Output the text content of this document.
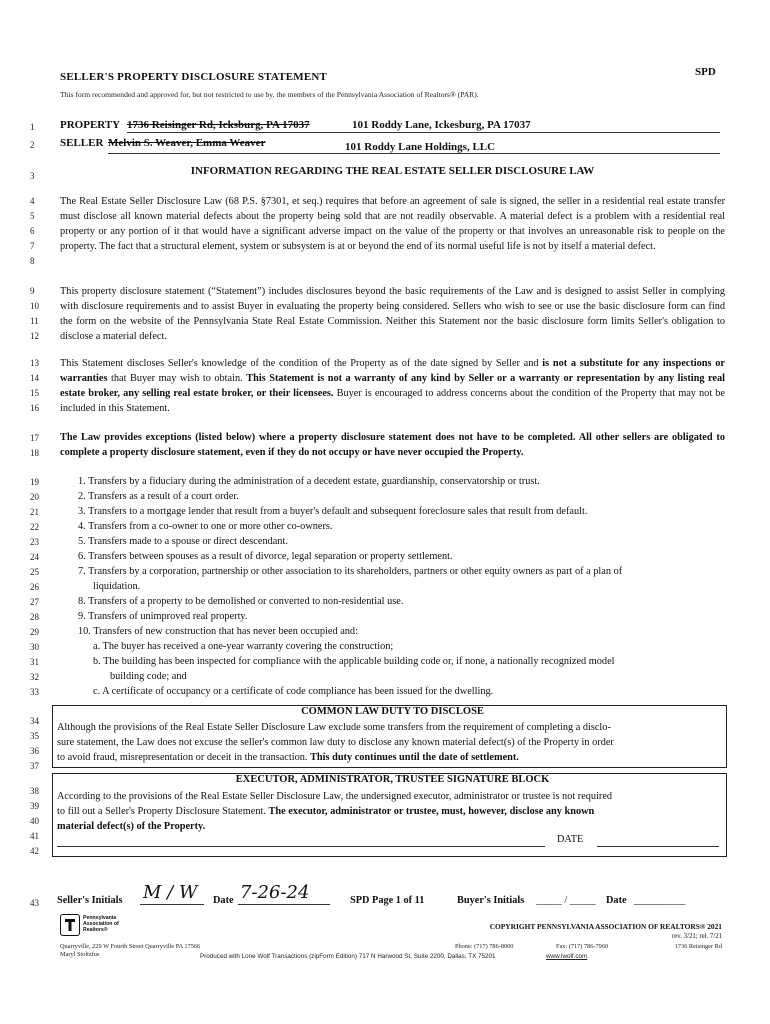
SELLER'S PROPERTY DISCLOSURE STATEMENT	SPD
This form recommended and approved for, but not restricted to use by, the members of the Pennsylvania Association of Realtors® (PAR).
1
2
3
4
5
6
7
8
9
10
11
12
13
14
15
16
17
18
19
20
21
22
23
24
25
26
27
28
29
30
31
32
33
34
35
36
37
38
39
40
41
42
43
PROPERTY 1736 Reisinger Rd, Icksburg, PA 17037	101 Roddy Lane, Ickesburg, PA 17037
SELLER Melvin S. Weaver, Emma Weaver	101 Roddy Lane Holdings, LLC
INFORMATION REGARDING THE REAL ESTATE SELLER DISCLOSURE LAW
The Real Estate Seller Disclosure Law (68 P.S. §7301, et seq.) requires that before an agreement of sale is signed, the seller in a residential real estate transfer must disclose all known material defects about the property being sold that are not readily observable. A material defect is a problem with a residential real property or any portion of it that would have a significant adverse impact on the value of the property or that involves an unreasonable risk to people on the property. The fact that a structural element, system or subsystem is at or beyond the end of its normal useful life is not by itself a material defect.
This property disclosure statement (“Statement”) includes disclosures beyond the basic requirements of the Law and is designed to assist Seller in complying with disclosure requirements and to assist Buyer in evaluating the property being considered. Sellers who wish to see or use the basic disclosure form can find the form on the website of the Pennsylvania State Real Estate Commission. Neither this Statement nor the basic disclosure form limits Seller's obligation to disclose a material defect.
This Statement discloses Seller's knowledge of the condition of the Property as of the date signed by Seller and is not a substitute for any inspections or warranties that Buyer may wish to obtain. This Statement is not a warranty of any kind by Seller or a warranty or representation by any listing real estate broker, any selling real estate broker, or their licensees. Buyer is encouraged to address concerns about the condition of the Property that may not be included in this Statement.
The Law provides exceptions (listed below) where a property disclosure statement does not have to be completed. All other sellers are obligated to complete a property disclosure statement, even if they do not occupy or have never occupied the Property.
1. Transfers by a fiduciary during the administration of a decedent estate, guardianship, conservatorship or trust.
2. Transfers as a result of a court order.
3. Transfers to a mortgage lender that result from a buyer's default and subsequent foreclosure sales that result from default.
4. Transfers from a co-owner to one or more other co-owners.
5. Transfers made to a spouse or direct descendant.
6. Transfers between spouses as a result of divorce, legal separation or property settlement.
7. Transfers by a corporation, partnership or other association to its shareholders, partners or other equity owners as part of a plan of
liquidation.
8. Transfers of a property to be demolished or converted to non-residential use.
9. Transfers of unimproved real property.
10. Transfers of new construction that has never been occupied and:
a. The buyer has received a one-year warranty covering the construction;
b. The building has been inspected for compliance with the applicable building code or, if none, a nationally recognized model
building code; and
c. A certificate of occupancy or a certificate of code compliance has been issued for the dwelling.
COMMON LAW DUTY TO DISCLOSE
Although the provisions of the Real Estate Seller Disclosure Law exclude some transfers from the requirement of completing a disclo-
sure statement, the Law does not excuse the seller's common law duty to disclose any known material defect(s) of the Property in order
to avoid fraud, misrepresentation or deceit in the transaction. This duty continues until the date of settlement.
EXECUTOR, ADMINISTRATOR, TRUSTEE SIGNATURE BLOCK
According to the provisions of the Real Estate Seller Disclosure Law, the undersigned executor, administrator or trustee is not required
to fill out a Seller's Property Disclosure Statement. The executor, administrator or trustee, must, however, disclose any known
material defect(s) of the Property.
DATE
Seller's Initials M / W Date 7-26-24	SPD Page 1 of 11	Buyer's Initials _____ / _____ Date __________
Pennsylvania
Association of
Realtors®	COPYRIGHT PENNSYLVANIA ASSOCIATION OF REALTORS® 2021
rev. 3/21; rel. 7/21
Quarryville, 229 W Fourth Street Quarryville PA 17566
Maryl Stoltzfus
Phone: (717) 786-8000	Fax: (717) 786-7960	1736 Reisinger Rd
Produced with Lone Wolf Transactions (zipForm Edition) 717 N Harwood St, Suite 2200, Dallas, TX 75201	www.lwolf.com
